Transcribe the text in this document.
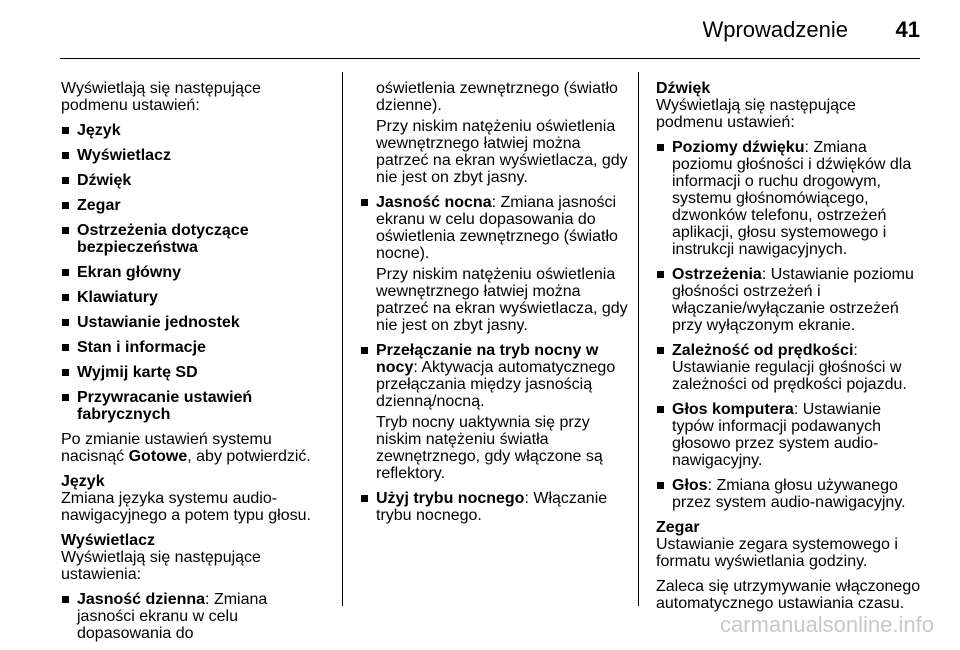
Wprowadzenie 41

Wyświetlają się następujące podmenu ustawień:

Język
Wyświetlacz
Dźwięk
Zegar
Ostrzeżenia dotyczące bezpieczeństwa
Ekran główny
Klawiatury
Ustawianie jednostek
Stan i informacje
Wyjmij kartę SD
Przywracanie ustawień fabrycznych

Po zmianie ustawień systemu nacisnąć Gotowe, aby potwierdzić.

Język

Zmiana języka systemu audio-nawigacyjnego a potem typu głosu.

Wyświetlacz

Wyświetlają się następujące ustawienia:

Jasność dzienna: Zmiana jasności ekranu w celu dopasowania do
oświetlenia zewnętrznego (światło dzienne).

Przy niskim natężeniu oświetlenia wewnętrznego łatwiej można patrzeć na ekran wyświetlacza, gdy nie jest on zbyt jasny.

Jasność nocna: Zmiana jasności ekranu w celu dopasowania do oświetlenia zewnętrznego (światło nocne).

Przy niskim natężeniu oświetlenia wewnętrznego łatwiej można patrzeć na ekran wyświetlacza, gdy nie jest on zbyt jasny.

Przełączanie na tryb nocny w nocy: Aktywacja automatycznego przełączania między jasnością dzienną/nocną.

Tryb nocny uaktywnia się przy niskim natężeniu światła zewnętrznego, gdy włączone są reflektory.

Użyj trybu nocnego: Włączanie trybu nocnego.

Dźwięk

Wyświetlają się następujące podmenu ustawień:

Poziomy dźwięku: Zmiana poziomu głośności i dźwięków dla informacji o ruchu drogowym, systemu głośnomówiącego, dzwonków telefonu, ostrzeżeń aplikacji, głosu systemowego i instrukcji nawigacyjnych.
Ostrzeżenia: Ustawianie poziomu głośności ostrzeżeń i włączanie/wyłączanie ostrzeżeń przy wyłączonym ekranie.
Zależność od prędkości: Ustawianie regulacji głośności w zależności od prędkości pojazdu.
Głos komputera: Ustawianie typów informacji podawanych głosowo przez system audio-nawigacyjny.
Głos: Zmiana głosu używanego przez system audio-nawigacyjny.

Zegar

Ustawianie zegara systemowego i formatu wyświetlania godziny.

Zaleca się utrzymywanie włączonego automatycznego ustawiania czasu.

carmanualsonline.info
